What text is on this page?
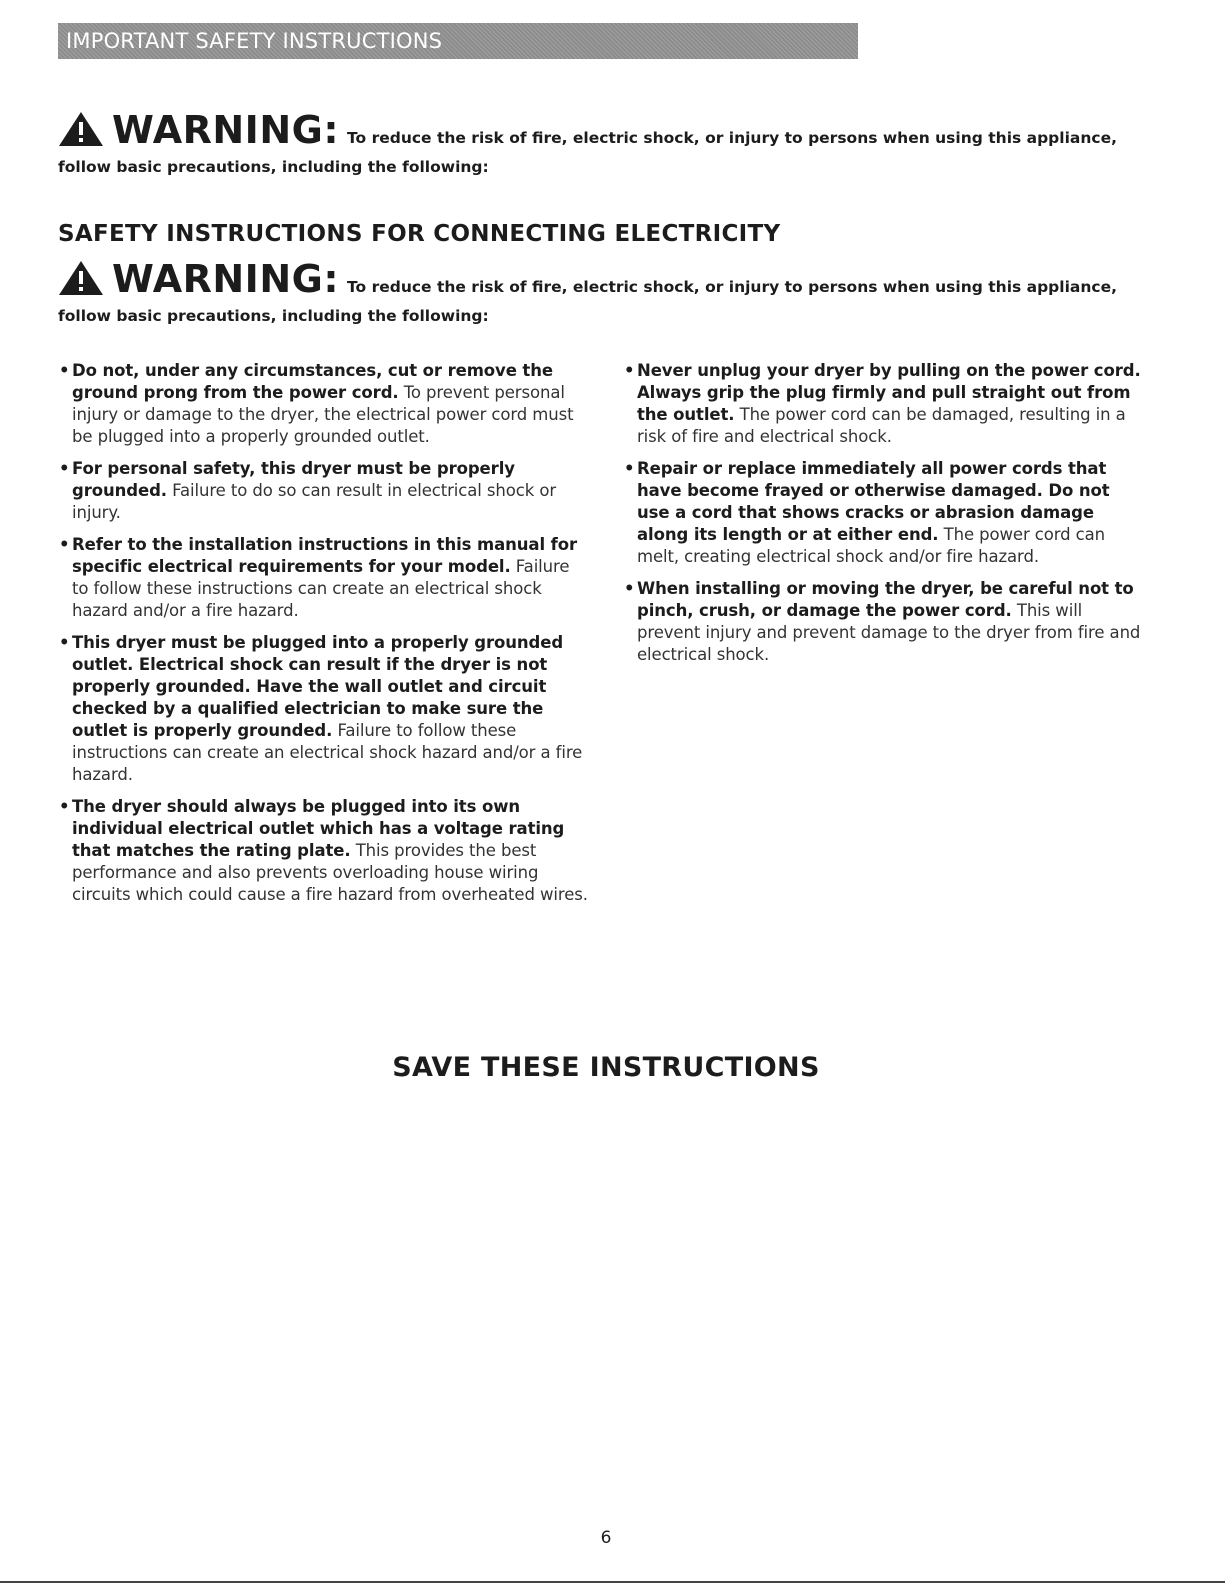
IMPORTANT SAFETY INSTRUCTIONS
WARNING: To reduce the risk of fire, electric shock, or injury to persons when using this appliance,
follow basic precautions, including the following:
SAFETY INSTRUCTIONS FOR CONNECTING ELECTRICITY
WARNING: To reduce the risk of fire, electric shock, or injury to persons when using this appliance,
follow basic precautions, including the following:
• Do not, under any circumstances, cut or remove the ground prong from the power cord. To prevent personal injury or damage to the dryer, the electrical power cord must be plugged into a properly grounded outlet.
• For personal safety, this dryer must be properly grounded. Failure to do so can result in electrical shock or injury.
• Refer to the installation instructions in this manual for specific electrical requirements for your model. Failure to follow these instructions can create an electrical shock hazard and/or a fire hazard.
• This dryer must be plugged into a properly grounded outlet. Electrical shock can result if the dryer is not properly grounded. Have the wall outlet and circuit checked by a qualified electrician to make sure the outlet is properly grounded. Failure to follow these instructions can create an electrical shock hazard and/or a fire hazard.
• The dryer should always be plugged into its own individual electrical outlet which has a voltage rating that matches the rating plate. This provides the best performance and also prevents overloading house wiring circuits which could cause a fire hazard from overheated wires.
• Never unplug your dryer by pulling on the power cord. Always grip the plug firmly and pull straight out from the outlet. The power cord can be damaged, resulting in a risk of fire and electrical shock.
• Repair or replace immediately all power cords that have become frayed or otherwise damaged. Do not use a cord that shows cracks or abrasion damage along its length or at either end. The power cord can melt, creating electrical shock and/or fire hazard.
• When installing or moving the dryer, be careful not to pinch, crush, or damage the power cord. This will prevent injury and prevent damage to the dryer from fire and electrical shock.
SAVE THESE INSTRUCTIONS
6
